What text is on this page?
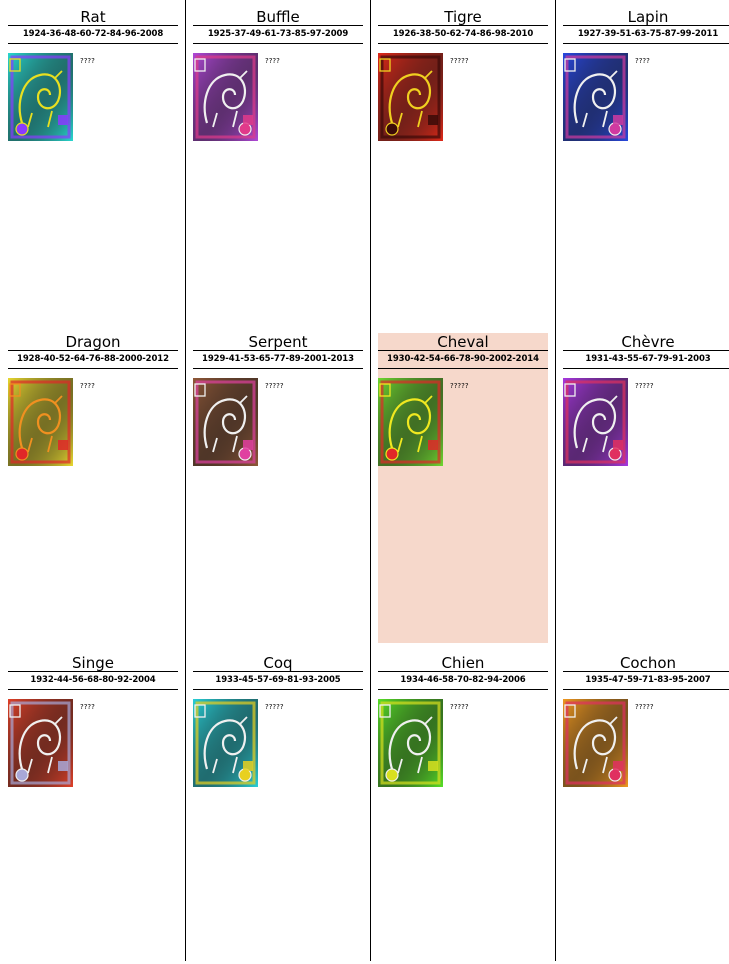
Rat
1924-36-48-60-72-84-96-2008
????
Buffle
1925-37-49-61-73-85-97-2009
????
Tigre
1926-38-50-62-74-86-98-2010
?????
Lapin
1927-39-51-63-75-87-99-2011
????
Dragon
1928-40-52-64-76-88-2000-2012
????
Serpent
1929-41-53-65-77-89-2001-2013
?????
Cheval
1930-42-54-66-78-90-2002-2014
?????
Chèvre
1931-43-55-67-79-91-2003
?????
Singe
1932-44-56-68-80-92-2004
????
Coq
1933-45-57-69-81-93-2005
?????
Chien
1934-46-58-70-82-94-2006
?????
Cochon
1935-47-59-71-83-95-2007
?????
